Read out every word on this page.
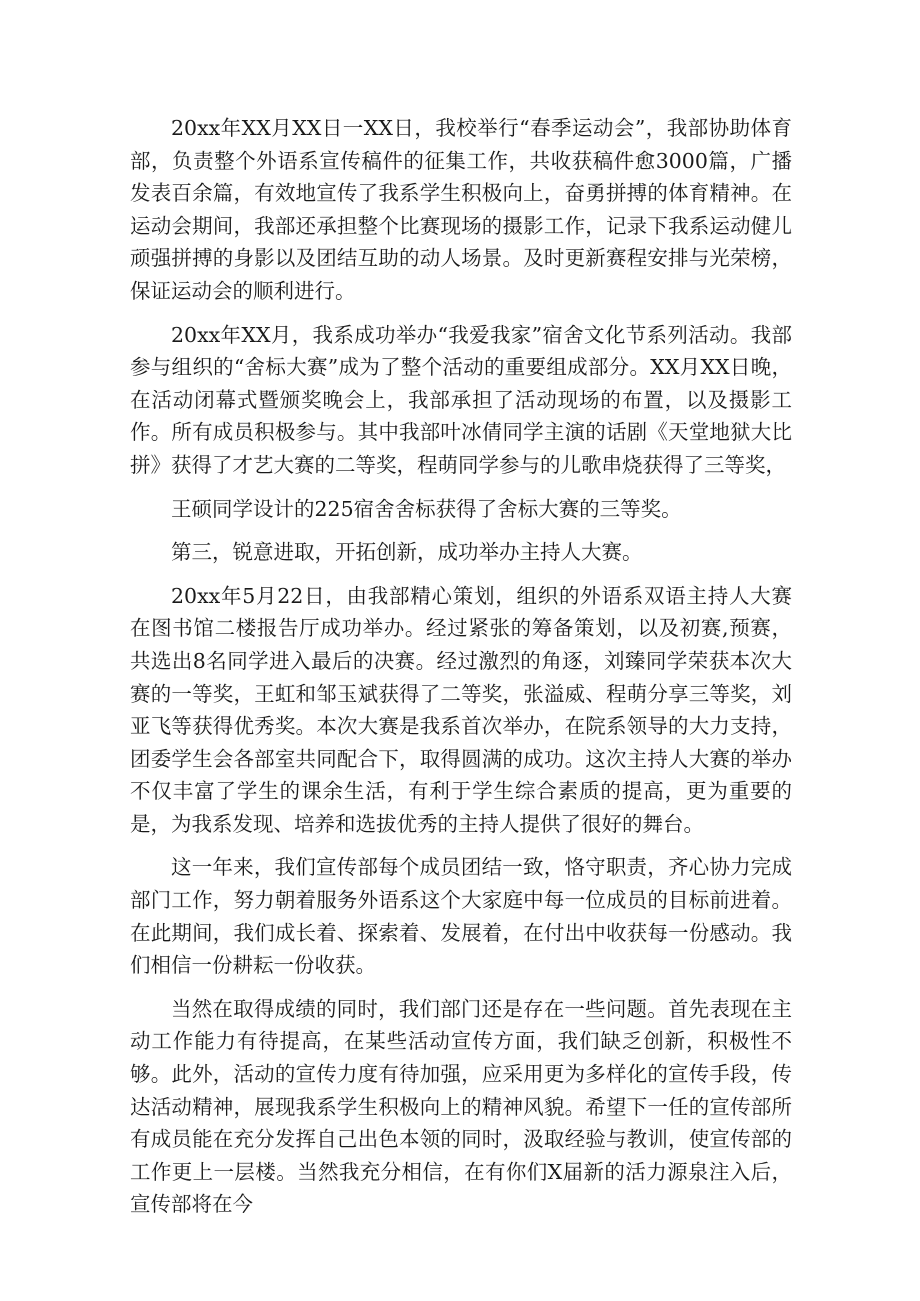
20xx年XX月XX日一XX日，我校举行“春季运动会”，我部协助体育部，负责整个外语系宣传稿件的征集工作，共收获稿件愈3000篇，广播发表百余篇，有效地宣传了我系学生积极向上，奋勇拼搏的体育精神。在运动会期间，我部还承担整个比赛现场的摄影工作，记录下我系运动健儿顽强拼搏的身影以及团结互助的动人场景。及时更新赛程安排与光荣榜，保证运动会的顺利进行。

20xx年XX月，我系成功举办“我爱我家”宿舍文化节系列活动。我部参与组织的“舍标大赛”成为了整个活动的重要组成部分。XX月XX日晚，在活动闭幕式暨颁奖晚会上，我部承担了活动现场的布置，以及摄影工作。所有成员积极参与。其中我部叶冰倩同学主演的话剧《天堂地狱大比拼》获得了才艺大赛的二等奖，程萌同学参与的儿歌串烧获得了三等奖，

王硕同学设计的225宿舍舍标获得了舍标大赛的三等奖。

第三，锐意进取，开拓创新，成功举办主持人大赛。

20xx年5月22日，由我部精心策划，组织的外语系双语主持人大赛在图书馆二楼报告厅成功举办。经过紧张的筹备策划，以及初赛,预赛，共选出8名同学进入最后的决赛。经过激烈的角逐，刘臻同学荣获本次大赛的一等奖，王虹和邹玉斌获得了二等奖，张溢威、程萌分享三等奖，刘亚飞等获得优秀奖。本次大赛是我系首次举办，在院系领导的大力支持，团委学生会各部室共同配合下，取得圆满的成功。这次主持人大赛的举办不仅丰富了学生的课余生活，有利于学生综合素质的提高，更为重要的是，为我系发现、培养和选拔优秀的主持人提供了很好的舞台。

这一年来，我们宣传部每个成员团结一致，恪守职责，齐心协力完成部门工作，努力朝着服务外语系这个大家庭中每一位成员的目标前进着。在此期间，我们成长着、探索着、发展着，在付出中收获每一份感动。我们相信一份耕耘一份收获。

当然在取得成绩的同时，我们部门还是存在一些问题。首先表现在主动工作能力有待提高，在某些活动宣传方面，我们缺乏创新，积极性不够。此外，活动的宣传力度有待加强，应采用更为多样化的宣传手段，传达活动精神，展现我系学生积极向上的精神风貌。希望下一任的宣传部所有成员能在充分发挥自己出色本领的同时，汲取经验与教训，使宣传部的工作更上一层楼。当然我充分相信，在有你们X届新的活力源泉注入后，宣传部将在今
